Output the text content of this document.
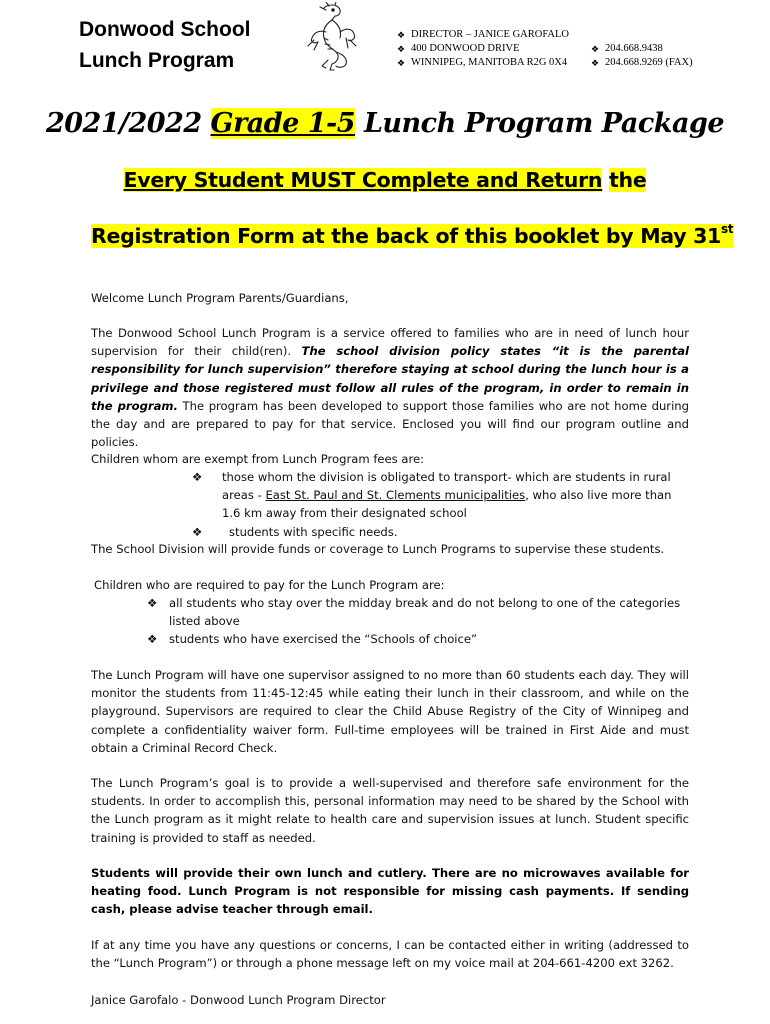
Donwood School
Lunch Program
❖ DIRECTOR – JANICE GAROFALO
❖ 400 DONWOOD DRIVE
❖ WINNIPEG, MANITOBA R2G 0X4
❖ 204.668.9438
❖ 204.668.9269 (FAX)
2021/2022 Grade 1-5 Lunch Program Package
Every Student MUST Complete and Return the
Registration Form at the back of this booklet by May 31st
Welcome Lunch Program Parents/Guardians,
The Donwood School Lunch Program is a service offered to families who are in need of lunch hour supervision for their child(ren). The school division policy states “it is the parental responsibility for lunch supervision” therefore staying at school during the lunch hour is a privilege and those registered must follow all rules of the program, in order to remain in the program. The program has been developed to support those families who are not home during the day and are prepared to pay for that service. Enclosed you will find our program outline and policies.
Children whom are exempt from Lunch Program fees are:
❖	those whom the division is obligated to transport- which are students in rural areas - East St. Paul and St. Clements municipalities, who also live more than 1.6 km away from their designated school
❖	students with specific needs.
The School Division will provide funds or coverage to Lunch Programs to supervise these students.
Children who are required to pay for the Lunch Program are:
❖ all students who stay over the midday break and do not belong to one of the categories listed above
❖ students who have exercised the “Schools of choice”
The Lunch Program will have one supervisor assigned to no more than 60 students each day. They will monitor the students from 11:45-12:45 while eating their lunch in their classroom, and while on the playground. Supervisors are required to clear the Child Abuse Registry of the City of Winnipeg and complete a confidentiality waiver form. Full-time employees will be trained in First Aide and must obtain a Criminal Record Check.
The Lunch Program’s goal is to provide a well-supervised and therefore safe environment for the students. In order to accomplish this, personal information may need to be shared by the School with the Lunch program as it might relate to health care and supervision issues at lunch. Student specific training is provided to staff as needed.
Students will provide their own lunch and cutlery. There are no microwaves available for heating food. Lunch Program is not responsible for missing cash payments. If sending cash, please advise teacher through email.
If at any time you have any questions or concerns, I can be contacted either in writing (addressed to the “Lunch Program”) or through a phone message left on my voice mail at 204-661-4200 ext 3262.
Janice Garofalo - Donwood Lunch Program Director
